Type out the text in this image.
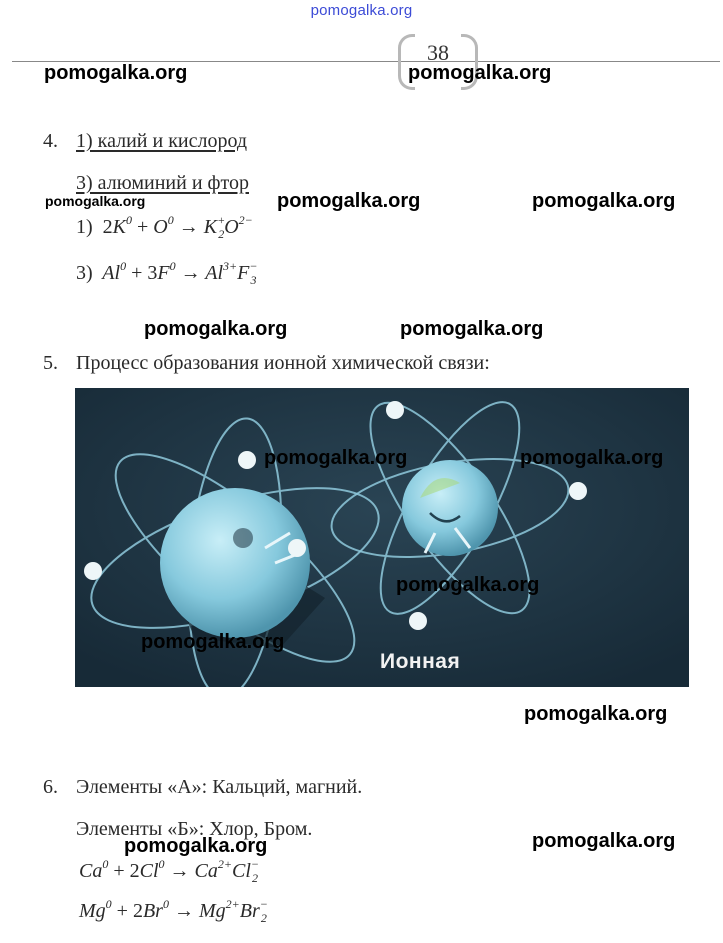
pomogalka.org
38
pomogalka.org	pomogalka.org
pomogalka.org	pomogalka.org	pomogalka.org
pomogalka.org	pomogalka.org
pomogalka.org
pomogalka.org	pomogalka.org
4. 1) калий и кислород
3) алюминий и фтор
1) $2K^0 + O^0 \to K^+_2O^{2-}$
3)  $Al^0 + 3F^0 \to Al^{3+}F^-_3$
5. Процесс образования ионной химической связи:
Ионная
pomogalka.org	pomogalka.org
pomogalka.org
pomogalka.org
6. Элементы «А»: Кальций, магний.
Элементы «Б»: Хлор, Бром.
$Ca^0 + 2Cl^0 \to Ca^{2+}Cl^-_2$
$Mg^0 + 2Br^0 \to Mg^{2+}Br^-_2$
